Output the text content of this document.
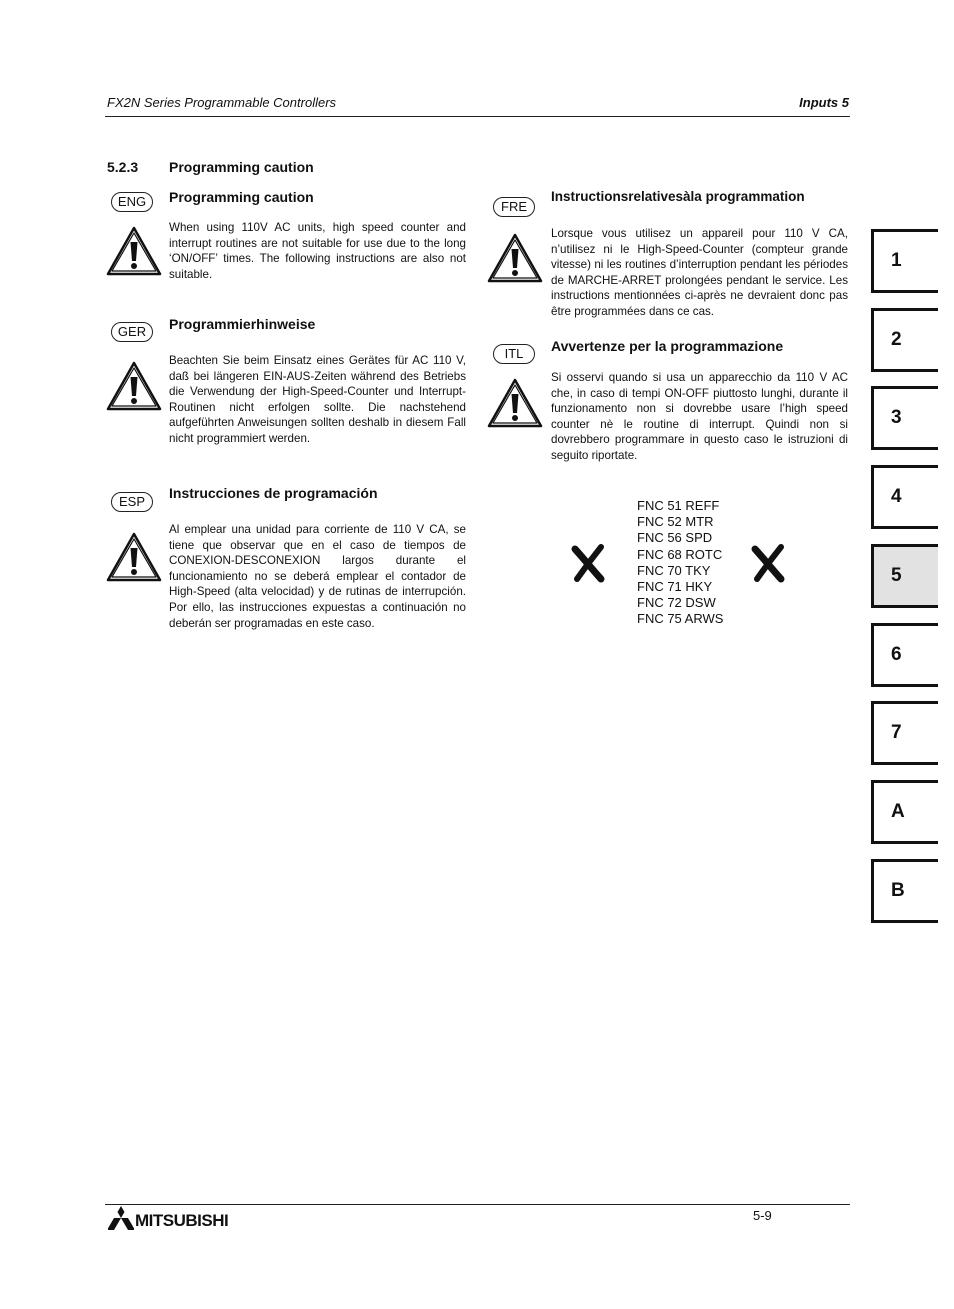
FX2N Series Programmable Controllers	Inputs 5
5.2.3 Programming caution
ENG	Programming caution
When using 110V AC units, high speed counter and interrupt routines are not suitable for use due to the long ‘ON/OFF’ times. The following instructions are also not suitable.
GER	Programmierhinweise
Beachten Sie beim Einsatz eines Gerätes für AC 110 V, daß bei längeren EIN-AUS-Zeiten während des Betriebs die Verwendung der High-Speed-Counter und Interrupt-Routinen nicht erfolgen sollte. Die nachstehend aufgeführten Anweisungen sollten deshalb in diesem Fall nicht programmiert werden.
ESP
Instrucciones de programación
Al emplear una unidad para corriente de 110 V CA, se tiene que observar que en el caso de tiempos de CONEXION-DESCONEXION largos durante el funcionamiento no se deberá emplear el contador de High-Speed (alta velocidad) y de rutinas de interrupción. Por ello, las instrucciones expuestas a continuación no deberán ser programadas en este caso.
FRE
Instructionsrelativesàla programmation
Lorsque vous utilisez un appareil pour 110 V CA, n’utilisez ni le High-Speed-Counter (compteur grande vitesse) ni les routines d’interruption pendant les périodes de MARCHE-ARRET prolongées pendant le service. Les instructions mentionnées ci-après ne devraient donc pas être programmées dans ce cas.
ITL	Avvertenze per la programmazione
Si osservi quando si usa un apparecchio da 110 V AC che, in caso di tempi ON-OFF piuttosto lunghi, durante il funzionamento non si dovrebbe usare l’high speed counter nè le routine di interrupt. Quindi non si dovrebbero programmare in questo caso le istruzioni di seguito riportate.
FNC 51 REFF
FNC 52 MTR
FNC 56 SPD
FNC 68 ROTC
FNC 70 TKY
FNC 71 HKY
FNC 72 DSW
FNC 75 ARWS
1
2
3
4
5
6
7
A
B
MITSUBISHI	5-9
